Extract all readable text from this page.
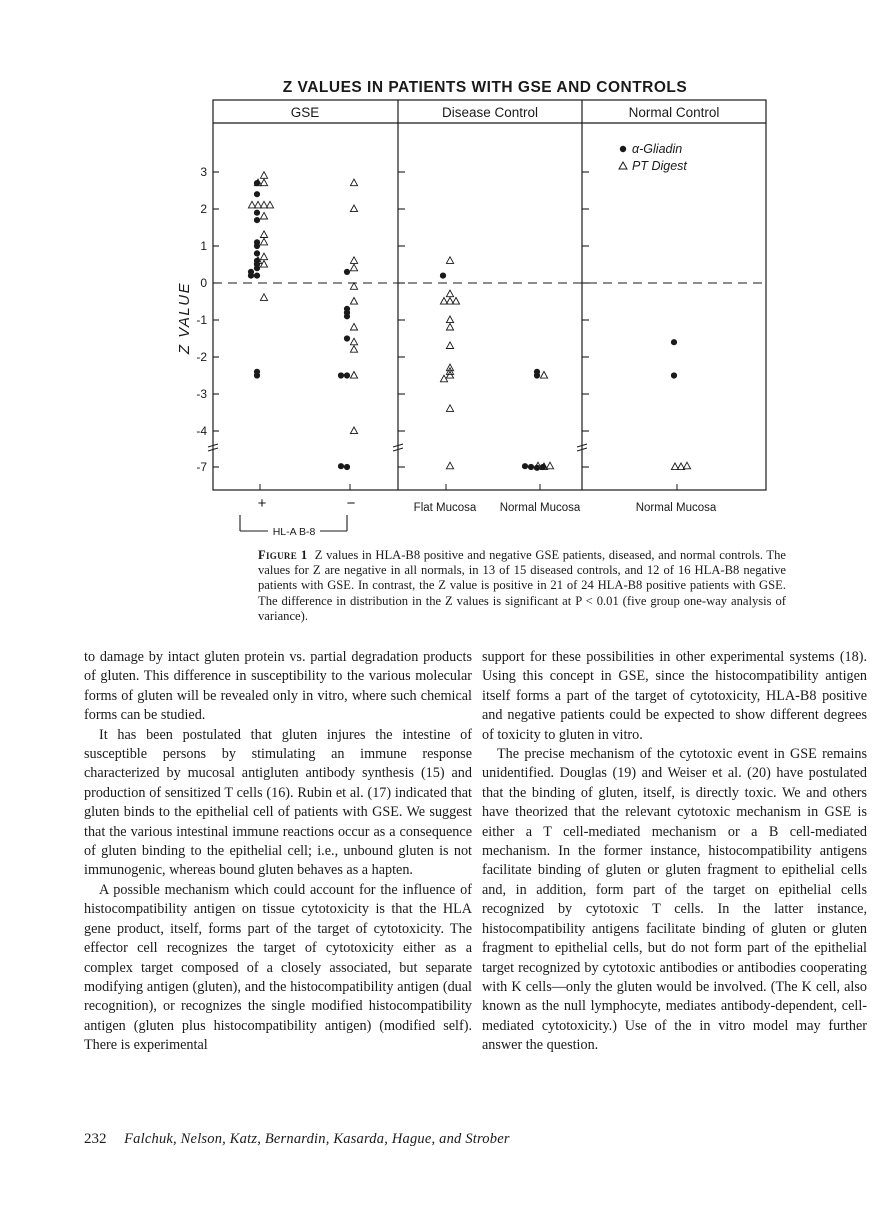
Z VALUES IN PATIENTS WITH GSE AND CONTROLS
GSE	Disease Control	Normal Control
α-Gliadin
PT Digest
Z VALUE
3
2
1
0
-1
-2
-3
-4
-7
+	−	Flat Mucosa Normal Mucosa	Normal Mucosa
HL-A B-8
Figure 1 Z values in HLA-B8 positive and negative GSE patients, diseased, and normal controls. The values for Z are negative in all normals, in 13 of 15 diseased controls, and 12 of 16 HLA-B8 negative patients with GSE. In contrast, the Z value is positive in 21 of 24 HLA-B8 positive patients with GSE. The difference in distribution in the Z values is significant at P < 0.01 (five group one-way analysis of variance).

to damage by intact gluten protein vs. partial degradation products of gluten. This difference in susceptibility to the various molecular forms of gluten will be revealed only in vitro, where such chemical forms can be studied.

It has been postulated that gluten injures the intestine of susceptible persons by stimulating an immune response characterized by mucosal antigluten antibody synthesis (15) and production of sensitized T cells (16). Rubin et al. (17) indicated that gluten binds to the epithelial cell of patients with GSE. We suggest that the various intestinal immune reactions occur as a consequence of gluten binding to the epithelial cell; i.e., unbound gluten is not immunogenic, whereas bound gluten behaves as a hapten.

A possible mechanism which could account for the influence of histocompatibility antigen on tissue cytotoxicity is that the HLA gene product, itself, forms part of the target of cytotoxicity. The effector cell recognizes the target of cytotoxicity either as a complex target composed of a closely associated, but separate modifying antigen (gluten), and the histocompatibility antigen (dual recognition), or recognizes the single modified histocompatibility antigen (gluten plus histocompatibility antigen) (modified self). There is experimental

support for these possibilities in other experimental systems (18). Using this concept in GSE, since the histocompatibility antigen itself forms a part of the target of cytotoxicity, HLA-B8 positive and negative patients could be expected to show different degrees of toxicity to gluten in vitro.

The precise mechanism of the cytotoxic event in GSE remains unidentified. Douglas (19) and Weiser et al. (20) have postulated that the binding of gluten, itself, is directly toxic. We and others have theorized that the relevant cytotoxic mechanism in GSE is either a T cell-mediated mechanism or a B cell-mediated mechanism. In the former instance, histocompatibility antigens facilitate binding of gluten or gluten fragment to epithelial cells and, in addition, form part of the target on epithelial cells recognized by cytotoxic T cells. In the latter instance, histocompatibility antigens facilitate binding of gluten or gluten fragment to epithelial cells, but do not form part of the epithelial target recognized by cytotoxic antibodies or antibodies cooperating with K cells—only the gluten would be involved. (The K cell, also known as the null lymphocyte, mediates antibody-dependent, cell-mediated cytotoxicity.) Use of the in vitro model may further answer the question.

232 Falchuk, Nelson, Katz, Bernardin, Kasarda, Hague, and Strober
